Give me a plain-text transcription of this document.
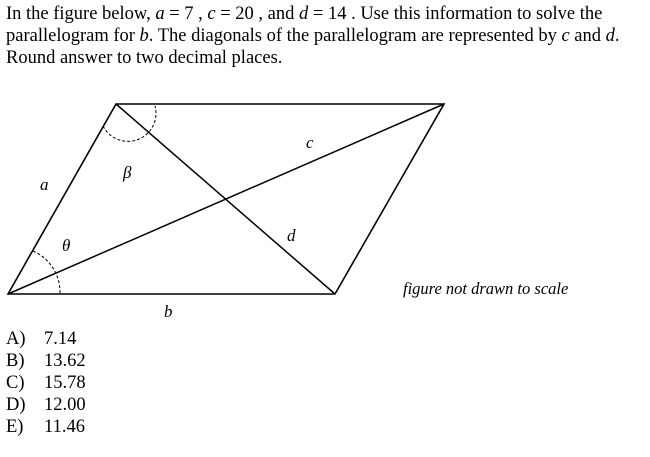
In the figure below, a = 7 , c = 20 , and d = 14 . Use this information to solve the parallelogram for b. The diagonals of the parallelogram are represented by c and d. Round answer to two decimal places.
a
b
c
d
β
θ
figure not drawn to scale
A) 7.14
B) 13.62
C) 15.78
D) 12.00
E) 11.46
